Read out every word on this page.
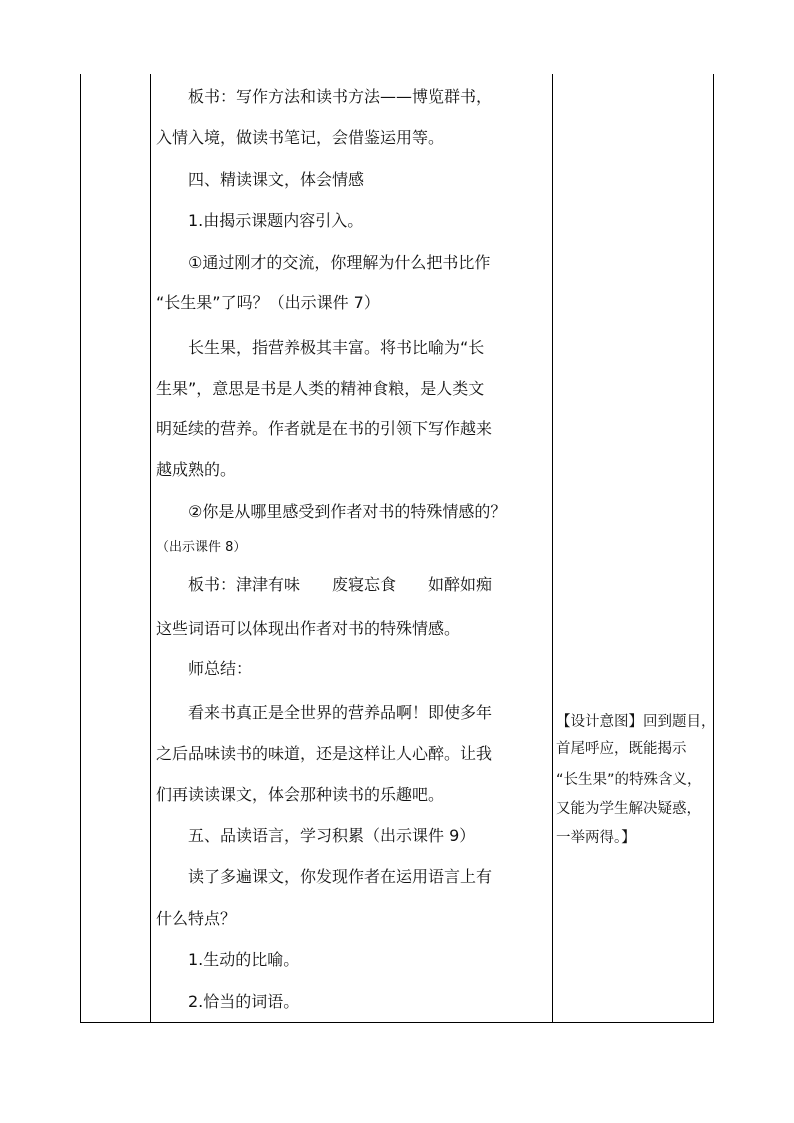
　　板书：写作方法和读书方法——博览群书，
入情入境，做读书笔记，会借鉴运用等。
　　四、精读课文，体会情感
　　1.由揭示课题内容引入。
　　①通过刚才的交流，你理解为什么把书比作
“长生果”了吗？（出示课件 7）
　　长生果，指营养极其丰富。将书比喻为“长
生果”，意思是书是人类的精神食粮，是人类文
明延续的营养。作者就是在书的引领下写作越来
越成熟的。
　　②你是从哪里感受到作者对书的特殊情感的？
（出示课件 8）
　　板书：津津有味　　废寝忘食　　如醉如痴
这些词语可以体现出作者对书的特殊情感。
　　师总结：
　　看来书真正是全世界的营养品啊！即使多年
之后品味读书的味道，还是这样让人心醉。让我
们再读读课文，体会那种读书的乐趣吧。
　　五、品读语言，学习积累（出示课件 9）
　　读了多遍课文，你发现作者在运用语言上有
什么特点？
　　1.生动的比喻。
　　2.恰当的词语。
【设计意图】回到题目，
首尾呼应，既能揭示
“长生果”的特殊含义，
又能为学生解决疑惑，
一举两得。】
